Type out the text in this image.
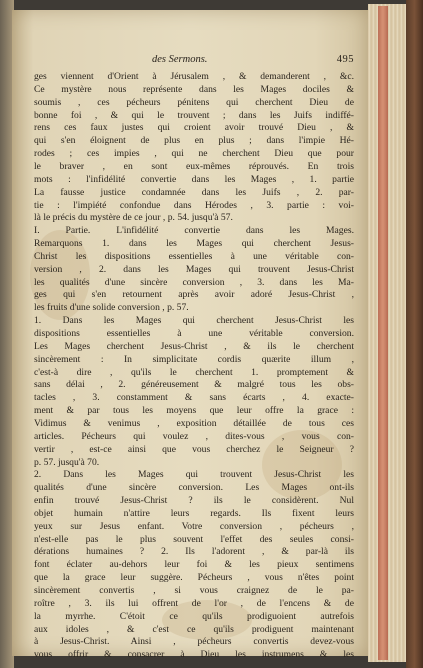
des Sermons.	495
ges viennent d'Orient à Jérusalem , & demanderent , &c.
Ce mystère nous représente dans les Mages dociles &
soumis , ces pécheurs pénitens qui cherchent Dieu de
bonne foi , & qui le trouvent ; dans les Juifs indiffé-
rens ces faux justes qui croient avoir trouvé Dieu , &
qui s'en éloignent de plus en plus ; dans l'impie Hé-
rodes ; ces impies , qui ne cherchent Dieu que pour
le braver , en sont eux-mêmes réprouvés. En trois
mots : l'infidélité convertie dans les Mages , 1. partie
La fausse justice condamnée dans les Juifs , 2. par-
tie : l'impiété confondue dans Hérodes , 3. partie : voi-
là le précis du mystère de ce jour , p. 54. jusqu'à 57.
I. Partie. L'infidélité convertie dans les Mages.
Remarquons 1. dans les Mages qui cherchent Jesus-
Christ les dispositions essentielles à une véritable con-
version , 2. dans les Mages qui trouvent Jesus-Christ
les qualités d'une sincère conversion , 3. dans les Ma-
ges qui s'en retournent après avoir adoré Jesus-Christ ,
les fruits d'une solide conversion , p. 57.
1. Dans les Mages qui cherchent Jesus-Christ les
dispositions essentielles à une véritable conversion.
Les Mages cherchent Jesus-Christ , & ils le cherchent
sincèrement : In simplicitate cordis quærite illum ,
c'est-à dire , qu'ils le cherchent 1. promptement &
sans délai , 2. généreusement & malgré tous les obs-
tacles , 3. constamment & sans écarts , 4. exacte-
ment & par tous les moyens que leur offre la grace :
Vidimus & venimus , exposition détaillée de tous ces
articles. Pécheurs qui voulez , dites-vous , vous con-
vertir , est-ce ainsi que vous cherchez le Seigneur ?
p. 57. jusqu'à 70.
2. Dans les Mages qui trouvent Jesus-Christ les
qualités d'une sincère conversion. Les Mages ont-ils
enfin trouvé Jesus-Christ ? ils le considèrent. Nul
objet humain n'attire leurs regards. Ils fixent leurs
yeux sur Jesus enfant. Votre conversion , pécheurs ,
n'est-elle pas le plus souvent l'effet des seules consi-
dérations humaines ? 2. Ils l'adorent , & par-là ils
font éclater au-dehors leur foi & les pieux sentimens
que la grace leur suggère. Pécheurs , vous n'êtes point
sincèrement convertis , si vous craignez de le pa-
roître , 3. ils lui offrent de l'or , de l'encens & de
la myrrhe. C'étoit ce qu'ils prodiguoient autrefois
aux idoles , & c'est ce qu'ils prodiguent maintenant
à Jesus-Christ. Ainsi , pécheurs convertis devez-vous
vous offrir & consacrer à Dieu les instrumens & les
